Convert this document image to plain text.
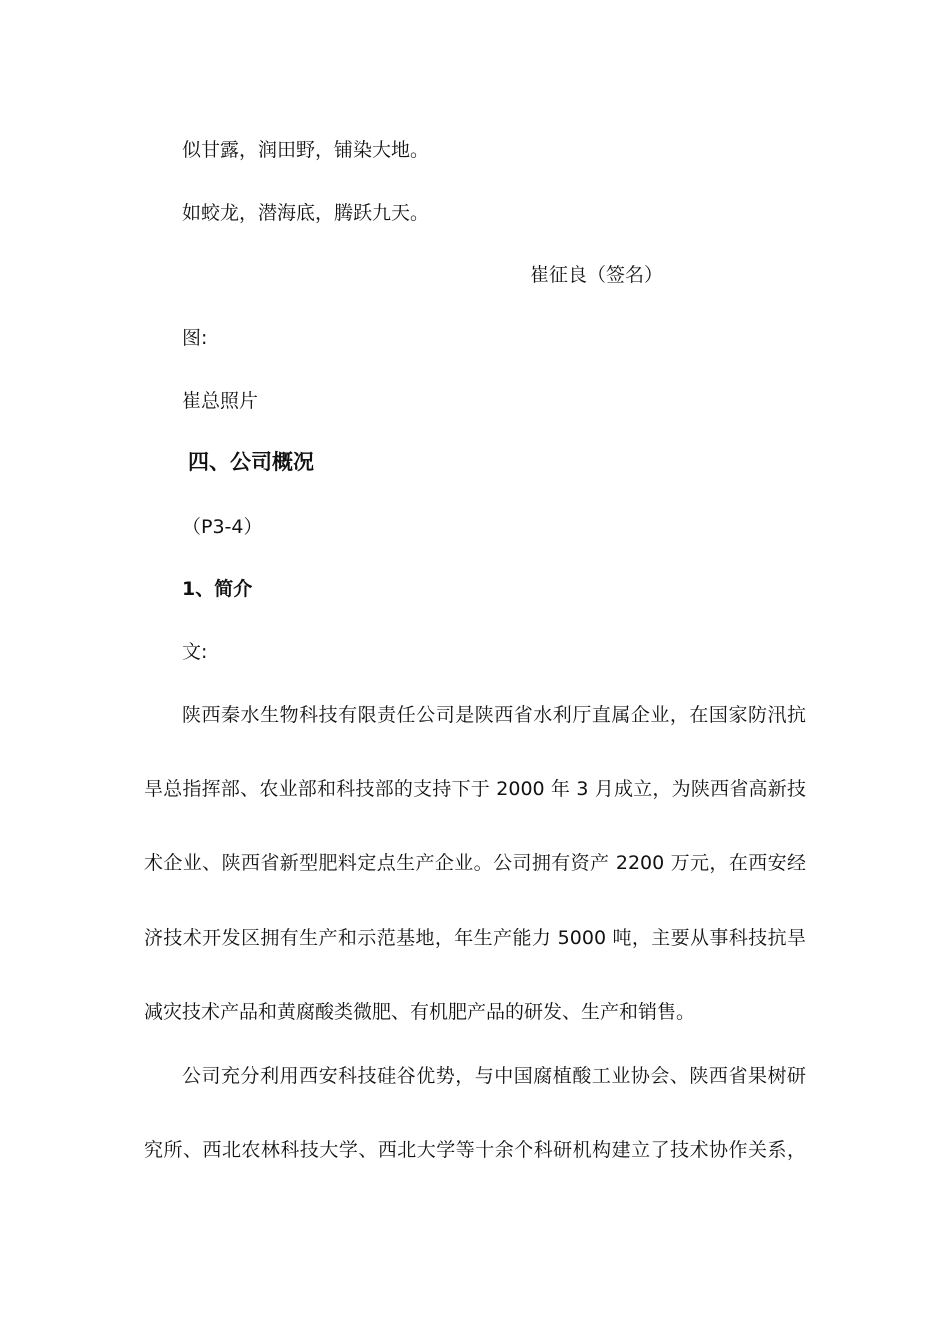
似甘露，润田野，铺染大地。
如蛟龙，潜海底，腾跃九天。
崔征良（签名）
图:
崔总照片
四、公司概况
（P3-4）
1、简介
文:
陕西秦水生物科技有限责任公司是陕西省水利厅直属企业，在国家防汛抗
旱总指挥部、农业部和科技部的支持下于 2000 年 3 月成立，为陕西省高新技
术企业、陕西省新型肥料定点生产企业。公司拥有资产 2200 万元，在西安经
济技术开发区拥有生产和示范基地，年生产能力 5000 吨，主要从事科技抗旱
减灾技术产品和黄腐酸类微肥、有机肥产品的研发、生产和销售。
公司充分利用西安科技硅谷优势，与中国腐植酸工业协会、陕西省果树研
究所、西北农林科技大学、西北大学等十余个科研机构建立了技术协作关系，
